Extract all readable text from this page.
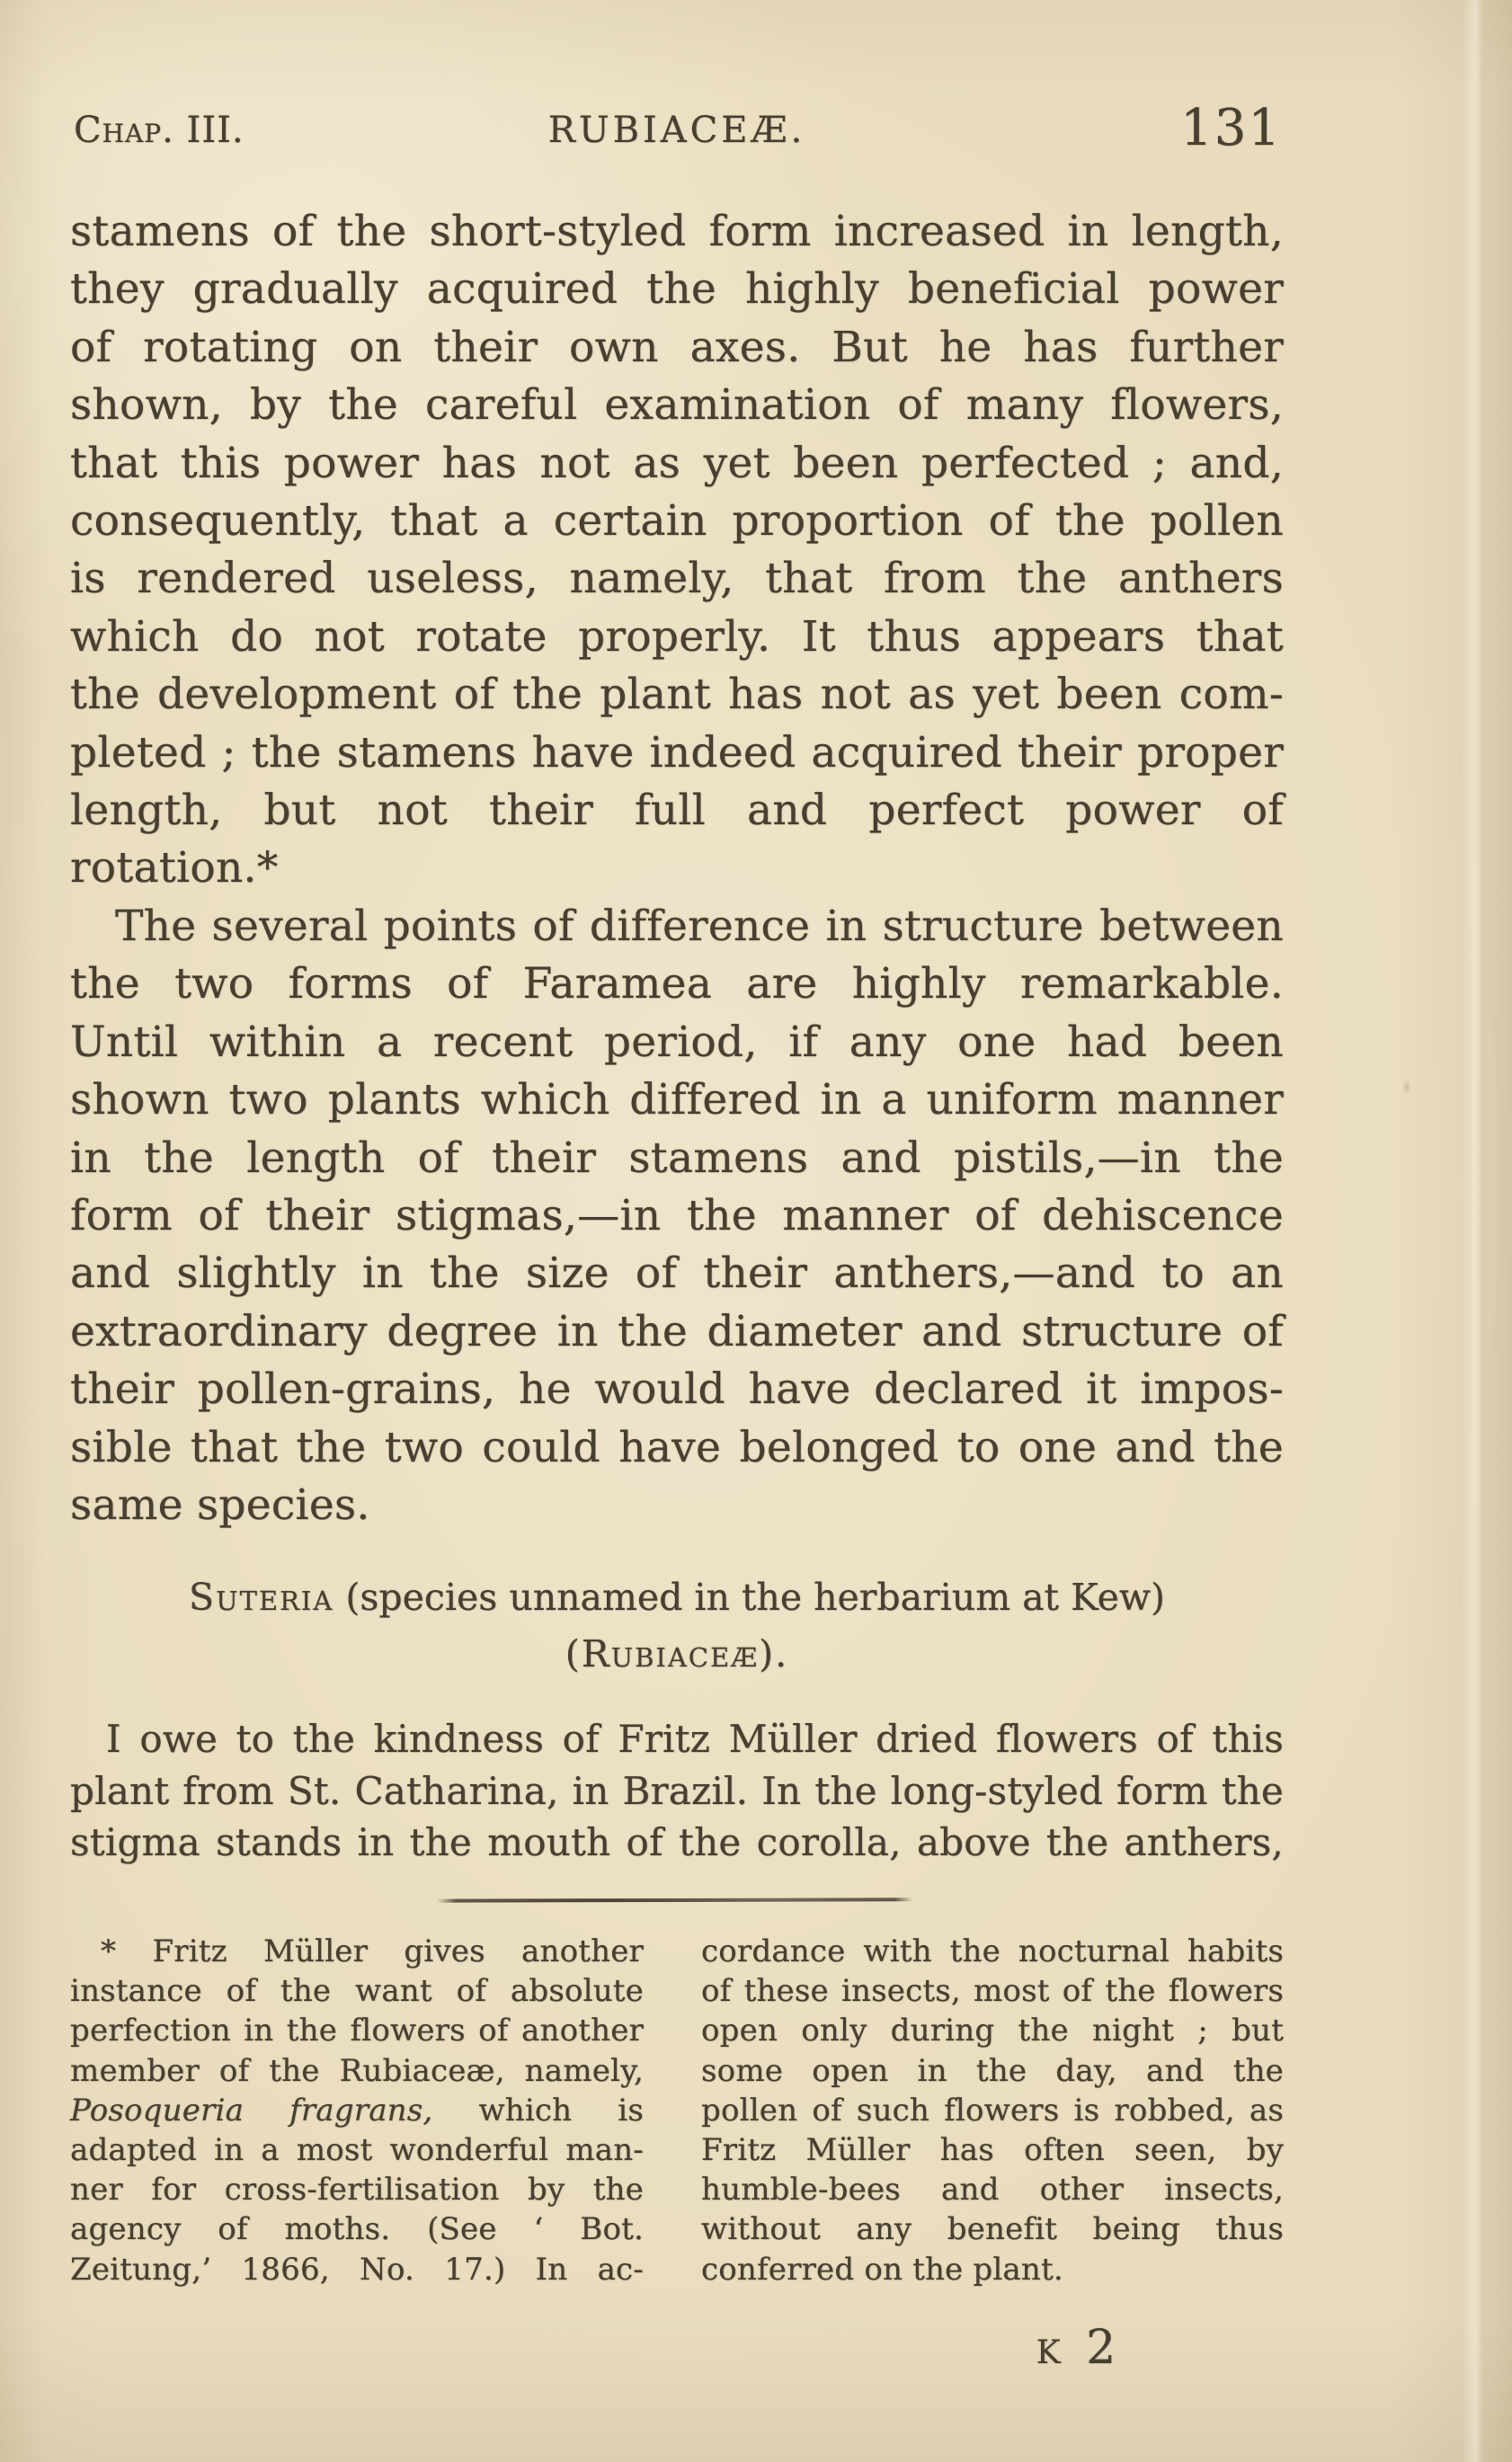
Chap. III.	RUBIACEÆ.	131
stamens of the short-styled form increased in length,
they gradually acquired the highly beneficial power
of rotating on their own axes. But he has further
shown, by the careful examination of many flowers,
that this power has not as yet been perfected ; and,
consequently, that a certain proportion of the pollen
is rendered useless, namely, that from the anthers
which do not rotate properly. It thus appears that
the development of the plant has not as yet been com-
pleted ; the stamens have indeed acquired their proper
length, but not their full and perfect power of rotation.*
The several points of difference in structure between
the two forms of Faramea are highly remarkable.
Until within a recent period, if any one had been
shown two plants which differed in a uniform manner
in the length of their stamens and pistils,—in the
form of their stigmas,—in the manner of dehiscence
and slightly in the size of their anthers,—and to an
extraordinary degree in the diameter and structure of
their pollen-grains, he would have declared it impos-
sible that the two could have belonged to one and the
same species.
Suteria (species unnamed in the herbarium at Kew)
(Rubiaceæ).
I owe to the kindness of Fritz Müller dried flowers of this
plant from St. Catharina, in Brazil. In the long-styled form the
stigma stands in the mouth of the corolla, above the anthers,
* Fritz Müller gives another
instance of the want of absolute
perfection in the flowers of another
member of the Rubiaceæ, namely,
Posoqueria fragrans, which is
adapted in a most wonderful man-
ner for cross-fertilisation by the
agency of moths. (See ‘ Bot.
Zeitung,’ 1866, No. 17.) In ac-
cordance with the nocturnal habits
of these insects, most of the flowers
open only during the night ; but
some open in the day, and the
pollen of such flowers is robbed, as
Fritz Müller has often seen, by
humble-bees and other insects,
without any benefit being thus
conferred on the plant.
k 2
